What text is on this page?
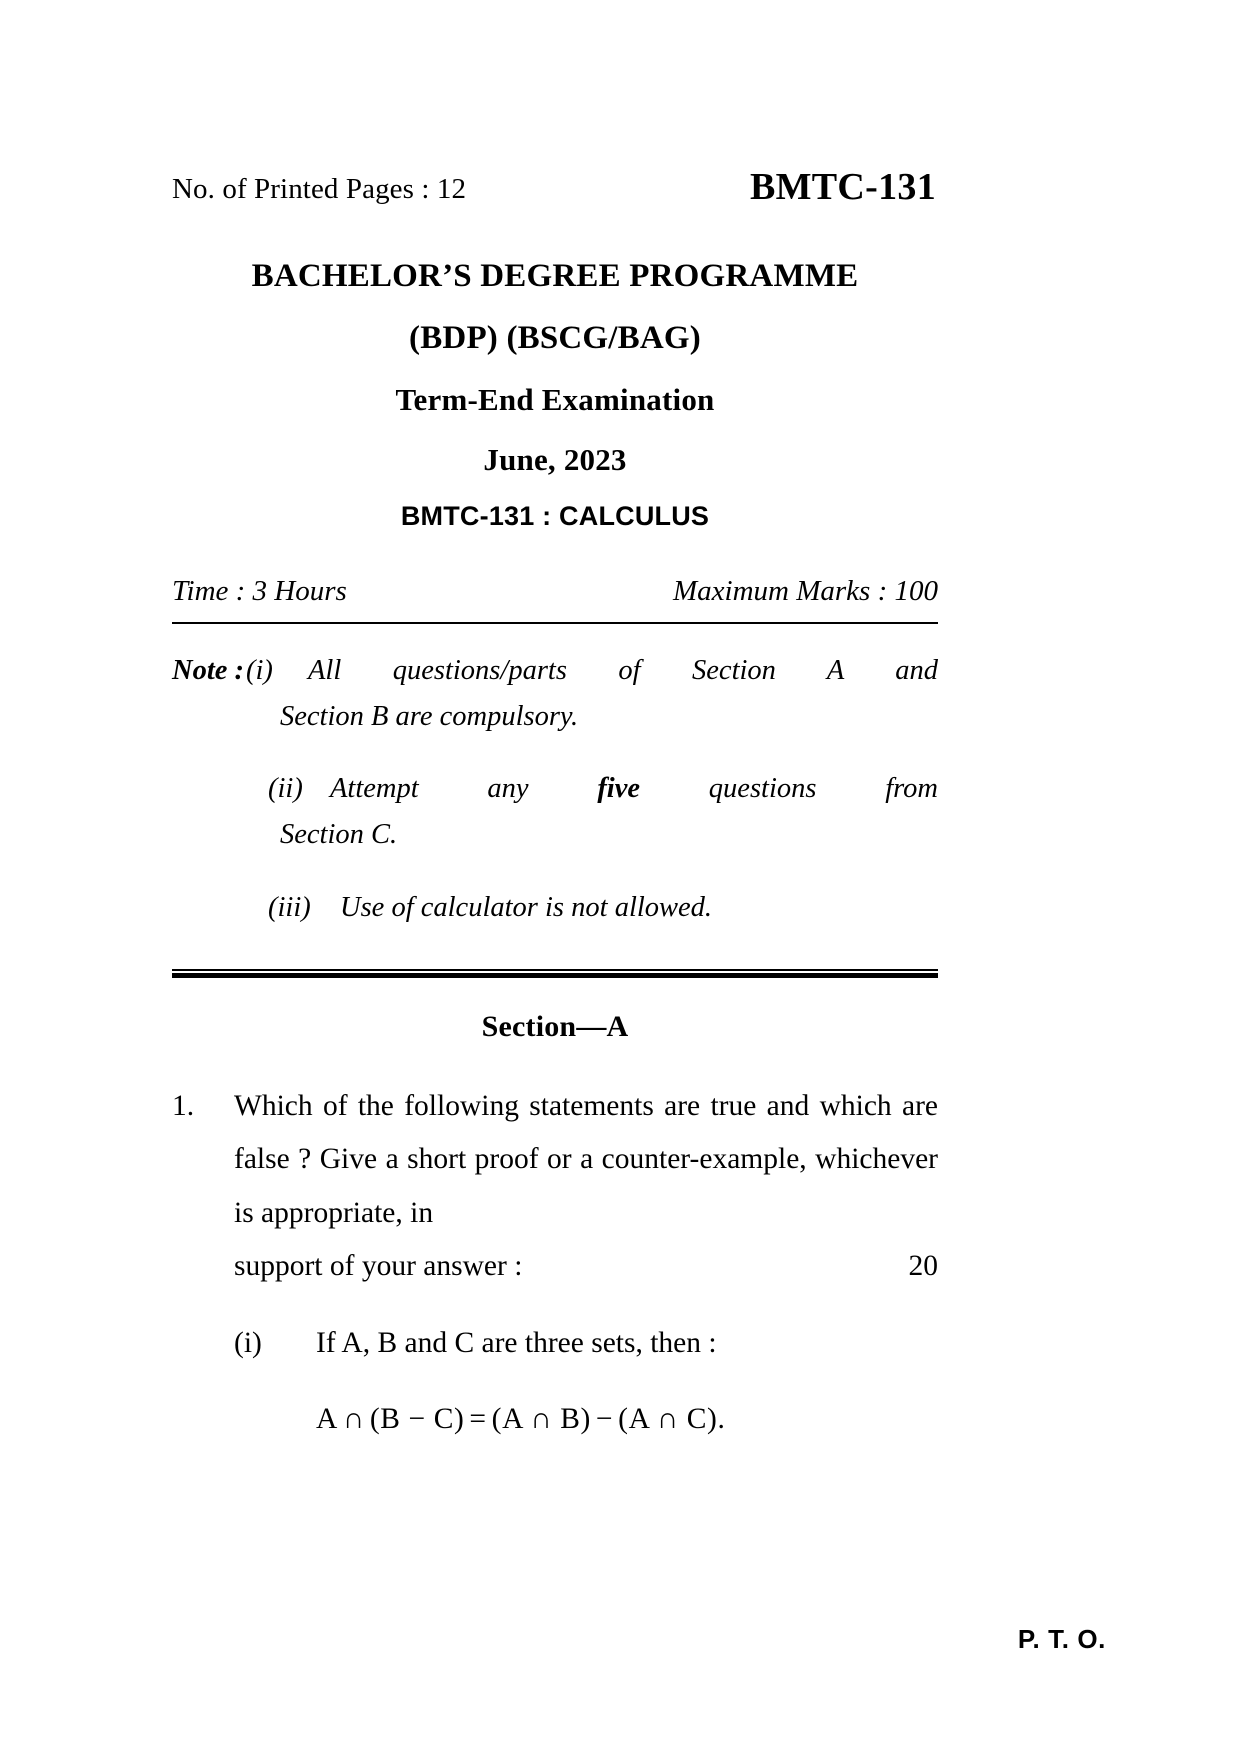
No. of Printed Pages : 12	BMTC-131
BACHELOR’S DEGREE PROGRAMME
(BDP) (BSCG/BAG)
Term-End Examination
June, 2023
BMTC-131 : CALCULUS
Time : 3 Hours	Maximum Marks : 100
Note : (i)	All questions/parts of Section A and
Section B are compulsory.
(ii) Attempt any five questions from
Section C.
(iii)	Use of calculator is not allowed.
Section—A
1.	Which of the following statements are true and which are false ? Give a short proof or a counter-example, whichever is appropriate, in
support of your answer :	20
(i)	If A, B and C are three sets, then :
A ∩ (B − C) = (A ∩ B) − (A ∩ C).
P. T. O.
